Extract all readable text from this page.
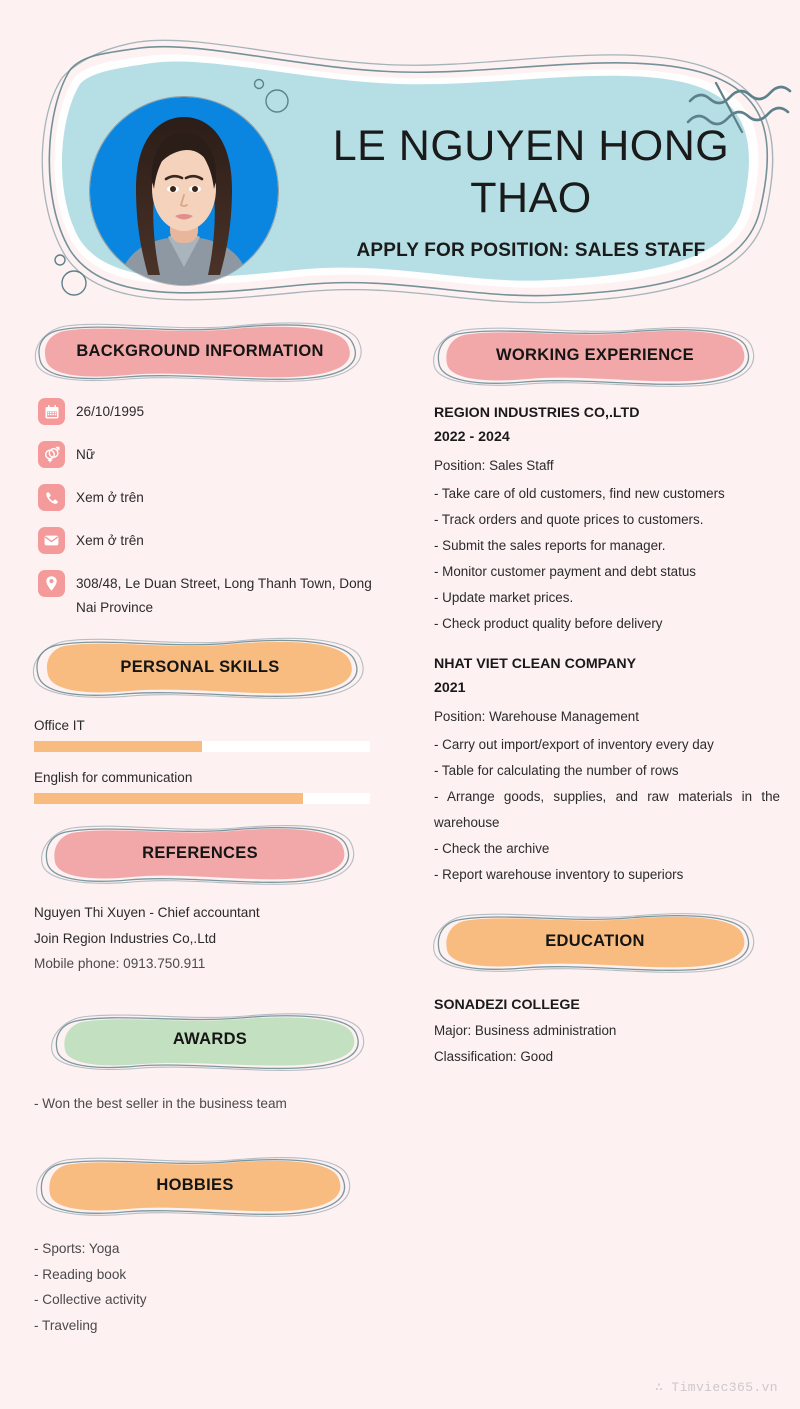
LE NGUYEN HONG THAO
APPLY FOR POSITION: SALES STAFF
BACKGROUND INFORMATION
26/10/1995
Nữ
Xem ở trên
Xem ở trên
308/48, Le Duan Street, Long Thanh Town, Dong Nai Province
PERSONAL SKILLS
Office IT
English for communication
REFERENCES
Nguyen Thi Xuyen - Chief accountant
Join Region Industries Co,.Ltd
Mobile phone: 0913.750.911
AWARDS
- Won the best seller in the business team
HOBBIES
- Sports: Yoga
- Reading book
- Collective activity
- Traveling
WORKING EXPERIENCE
REGION INDUSTRIES CO,.LTD
2022 - 2024
Position: Sales Staff
- Take care of old customers, find new customers
- Track orders and quote prices to customers.
- Submit the sales reports for manager.
- Monitor customer payment and debt status
- Update market prices.
- Check product quality before delivery
NHAT VIET CLEAN COMPANY
2021
Position: Warehouse Management
- Carry out import/export of inventory every day
- Table for calculating the number of rows
- Arrange goods, supplies, and raw materials in the warehouse
- Check the archive
- Report warehouse inventory to superiors
EDUCATION
SONADEZI COLLEGE
Major: Business administration
Classification: Good
∴ Timviec365.vn
